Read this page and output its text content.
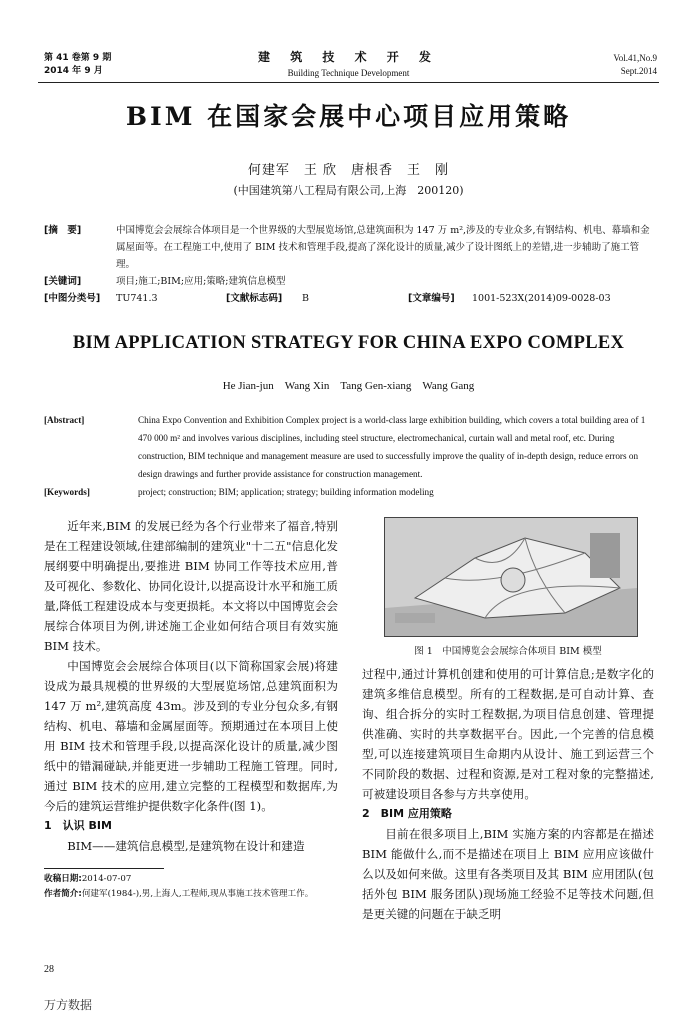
第 41 卷第 9 期
2014 年 9 月
建 筑 技 术 开 发
Building Technique Development
Vol.41,No.9
Sept.2014
BIM 在国家会展中心项目应用策略
何建军　王 欣　唐根香　王　刚
(中国建筑第八工程局有限公司,上海　200120)
[摘　要]	中国博览会会展综合体项目是一个世界级的大型展览场馆,总建筑面积为 147 万 m²,涉及的专业众多,有钢结构、机电、幕墙和金属屋面等。在工程施工中,使用了 BIM 技术和管理手段,提高了深化设计的质量,减少了设计图纸上的差错,进一步辅助了施工管理。
[关键词]	项目;施工;BIM;应用;策略;建筑信息模型
[中图分类号]	TU741.3	[文献标志码]	B	[文章编号]	1001-523X(2014)09-0028-03
BIM APPLICATION STRATEGY FOR CHINA EXPO COMPLEX
He Jian-jun　Wang Xin　Tang Gen-xiang　Wang Gang
[Abstract]	China Expo Convention and Exhibition Complex project is a world-class large exhibition building, which covers a total building area of 1 470 000 m² and involves various disciplines, including steel structure, electromechanical, curtain wall and metal roof, etc. During construction, BIM technique and management measure are used to successfully improve the quality of in-depth design, reduce errors on design drawings and further provide assistance for construction management.
[Keywords]	project; construction; BIM; application; strategy; building information modeling

近年来,BIM 的发展已经为各个行业带来了福音,特别是在工程建设领域,住建部编制的建筑业"十二五"信息化发展纲要中明确提出,要推进 BIM 协同工作等技术应用,普及可视化、参数化、协同化设计,以提高设计水平和施工质量,降低工程建设成本与变更损耗。本文将以中国博览会会展综合体项目为例,讲述施工企业如何结合项目有效实施 BIM 技术。

中国博览会会展综合体项目(以下简称国家会展)将建设成为最具规模的世界级的大型展览场馆,总建筑面积为 147 万 m²,建筑高度 43m。涉及到的专业分包众多,有钢结构、机电、幕墙和金属屋面等。预期通过在本项目上使用 BIM 技术和管理手段,以提高深化设计的质量,减少图纸中的错漏碰缺,并能更进一步辅助工程施工管理。同时,通过 BIM 技术的应用,建立完整的工程模型和数据库,为今后的建筑运营维护提供数字化条件(图 1)。

1　认识 BIM

BIM——建筑信息模型,是建筑物在设计和建造

图 1　中国博览会会展综合体项目 BIM 模型

过程中,通过计算机创建和使用的可计算信息;是数字化的建筑多维信息模型。所有的工程数据,是可自动计算、查询、组合拆分的实时工程数据,为项目信息创建、管理提供准确、实时的共享数据平台。因此,一个完善的信息模型,可以连接建筑项目生命期内从设计、施工到运营三个不同阶段的数据、过程和资源,是对工程对象的完整描述,可被建设项目各参与方共享使用。

2　BIM 应用策略

目前在很多项目上,BIM 实施方案的内容都是在描述 BIM 能做什么,而不是描述在项目上 BIM 应用应该做什么以及如何来做。这里有各类项目及其 BIM 应用团队(包括外包 BIM 服务团队)现场施工经验不足等技术问题,但是更关键的问题在于缺乏明

收稿日期:2014-07-07
作者简介:何建军(1984-),男,上海人,工程师,现从事施工技术管理工作。
28
万方数据
